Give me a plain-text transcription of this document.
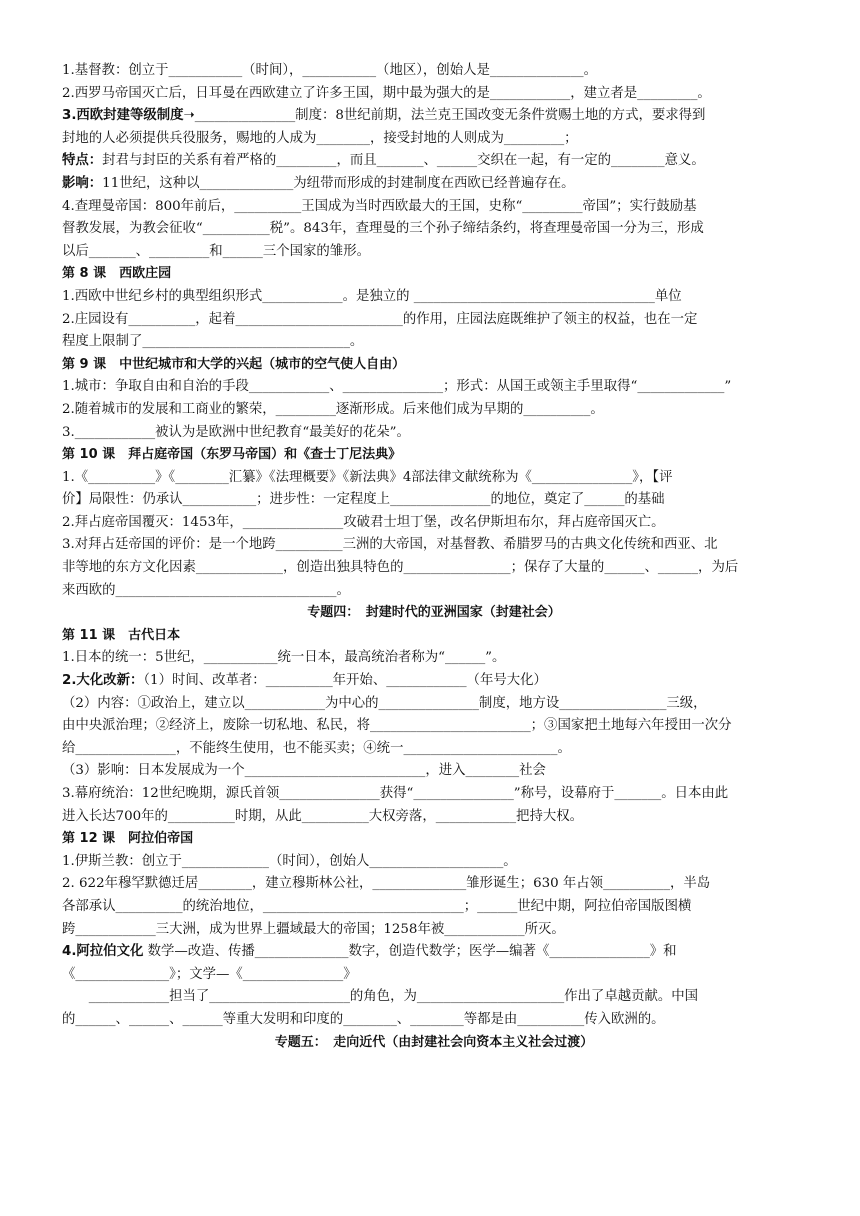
1.基督教：创立于___________（时间），___________（地区），创始人是______________。
2.西罗马帝国灭亡后，日耳曼在西欧建立了许多王国，期中最为强大的是____________，建立者是_________。
3.西欧封建等级制度➝_______________制度：8世纪前期，法兰克王国改变无条件赏赐土地的方式，要求得到
封地的人必须提供兵役服务，赐地的人成为________，接受封地的人则成为_________；
特点：封君与封臣的关系有着严格的_________，而且_______、______交织在一起，有一定的________意义。
影响：11世纪，这种以______________为纽带而形成的封建制度在西欧已经普遍存在。
4.查理曼帝国：800年前后，__________王国成为当时西欧最大的王国，史称“_________帝国”；实行鼓励基
督教发展，为教会征收“__________税”。843年，查理曼的三个孙子缔结条约，将查理曼帝国一分为三，形成
以后_______、_________和______三个国家的雏形。
第 8 课　西欧庄园
1.西欧中世纪乡村的典型组织形式____________。是独立的 ____________________________________单位
2.庄园设有__________，起着_________________________的作用，庄园法庭既维护了领主的权益，也在一定
程度上限制了_______________________________。
第 9 课　中世纪城市和大学的兴起（城市的空气使人自由）
1.城市：争取自由和自治的手段____________、_______________；形式：从国王或领主手里取得“_____________”
2.随着城市的发展和工商业的繁荣，_________逐渐形成。后来他们成为早期的__________。
3.____________被认为是欧洲中世纪教育“最美好的花朵”。
第 10 课　拜占庭帝国（东罗马帝国）和《查士丁尼法典》
1.《__________》《________汇纂》《法理概要》《新法典》4部法律文献统称为《_______________》，【评
价】局限性：仍承认___________；进步性：一定程度上_______________的地位，奠定了______的基础
2.拜占庭帝国覆灭：1453年，_______________攻破君士坦丁堡，改名伊斯坦布尔，拜占庭帝国灭亡。
3.对拜占廷帝国的评价：是一个地跨__________三洲的大帝国，对基督教、希腊罗马的古典文化传统和西亚、北
非等地的东方文化因素_____________，创造出独具特色的________________；保存了大量的______、______，为后
来西欧的_________________________________。
专题四：　封建时代的亚洲国家（封建社会）
第 11 课　古代日本
1.日本的统一：5世纪，___________统一日本，最高统治者称为“______”。
2.大化改新：（1）时间、改革者：__________年开始、____________（年号大化）
（2）内容：①政治上，建立以____________为中心的_______________制度，地方设________________三级，
由中央派治理；②经济上，废除一切私地、私民，将________________________；③国家把土地每六年授田一次分
给_______________，不能终生使用，也不能买卖；④统一_______________________。
（3）影响：日本发展成为一个___________________________，进入________社会
3.幕府统治：12世纪晚期，源氏首领_______________获得“_______________”称号，设幕府于_______。日本由此
进入长达700年的__________时期，从此__________大权旁落，____________把持大权。
第 12 课　阿拉伯帝国
1.伊斯兰教：创立于_____________（时间），创始人____________________。
2. 622年穆罕默德迁居________，建立穆斯林公社，______________雏形诞生；630 年占领__________，半岛
各部承认__________的统治地位，______________________________；______世纪中期，阿拉伯帝国版图横
跨____________三大洲，成为世界上疆域最大的帝国；1258年被____________所灭。
4.阿拉伯文化 数学—改造、传播______________数字，创造代数学；医学—编著《_______________》和
《______________》；文学—《_______________》
　　____________担当了_____________________的角色，为______________________作出了卓越贡献。中国
的______、______、______等重大发明和印度的________、________等都是由__________传入欧洲的。
专题五：　走向近代（由封建社会向资本主义社会过渡）
